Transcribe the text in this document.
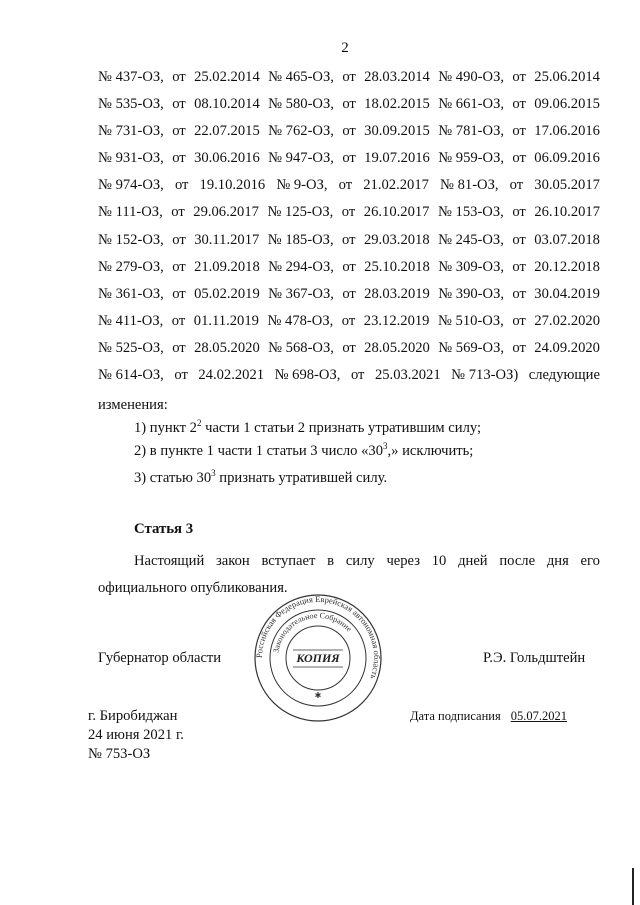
2
№ 437-ОЗ, от 25.02.2014 № 465-ОЗ, от 28.03.2014 № 490-ОЗ, от 25.06.2014
№ 535-ОЗ, от 08.10.2014 № 580-ОЗ, от 18.02.2015 № 661-ОЗ, от 09.06.2015
№ 731-ОЗ, от 22.07.2015 № 762-ОЗ, от 30.09.2015 № 781-ОЗ, от 17.06.2016
№ 931-ОЗ, от 30.06.2016 № 947-ОЗ, от 19.07.2016 № 959-ОЗ, от 06.09.2016
№ 974-ОЗ, от 19.10.2016 № 9-ОЗ, от 21.02.2017 № 81-ОЗ, от 30.05.2017
№ 111-ОЗ, от 29.06.2017 № 125-ОЗ, от 26.10.2017 № 153-ОЗ, от 26.10.2017
№ 152-ОЗ, от 30.11.2017 № 185-ОЗ, от 29.03.2018 № 245-ОЗ, от 03.07.2018
№ 279-ОЗ, от 21.09.2018 № 294-ОЗ, от 25.10.2018 № 309-ОЗ, от 20.12.2018
№ 361-ОЗ, от 05.02.2019 № 367-ОЗ, от 28.03.2019 № 390-ОЗ, от 30.04.2019
№ 411-ОЗ, от 01.11.2019 № 478-ОЗ, от 23.12.2019 № 510-ОЗ, от 27.02.2020
№ 525-ОЗ, от 28.05.2020 № 568-ОЗ, от 28.05.2020 № 569-ОЗ, от 24.09.2020
№ 614-ОЗ, от 24.02.2021 № 698-ОЗ, от 25.03.2021 № 713-ОЗ) следующие
изменения:
1) пункт $2^2$ части 1 статьи 2 признать утратившим силу;
2) в пункте 1 части 1 статьи 3 число «$30^3$,» исключить;
3) статью $30^3$ признать утратившей силу.
Статья 3
Настоящий закон вступает в силу через 10 дней после дня его
официального опубликования.
Губернатор области	Российская Федерация Еврейская автономная область
Законодательное Собрание
КОПИЯ
✱
Р.Э. Гольдштейн
г. Биробиджан
24 июня 2021 г.
№ 753-ОЗ
Дата подписания 05.07.2021
